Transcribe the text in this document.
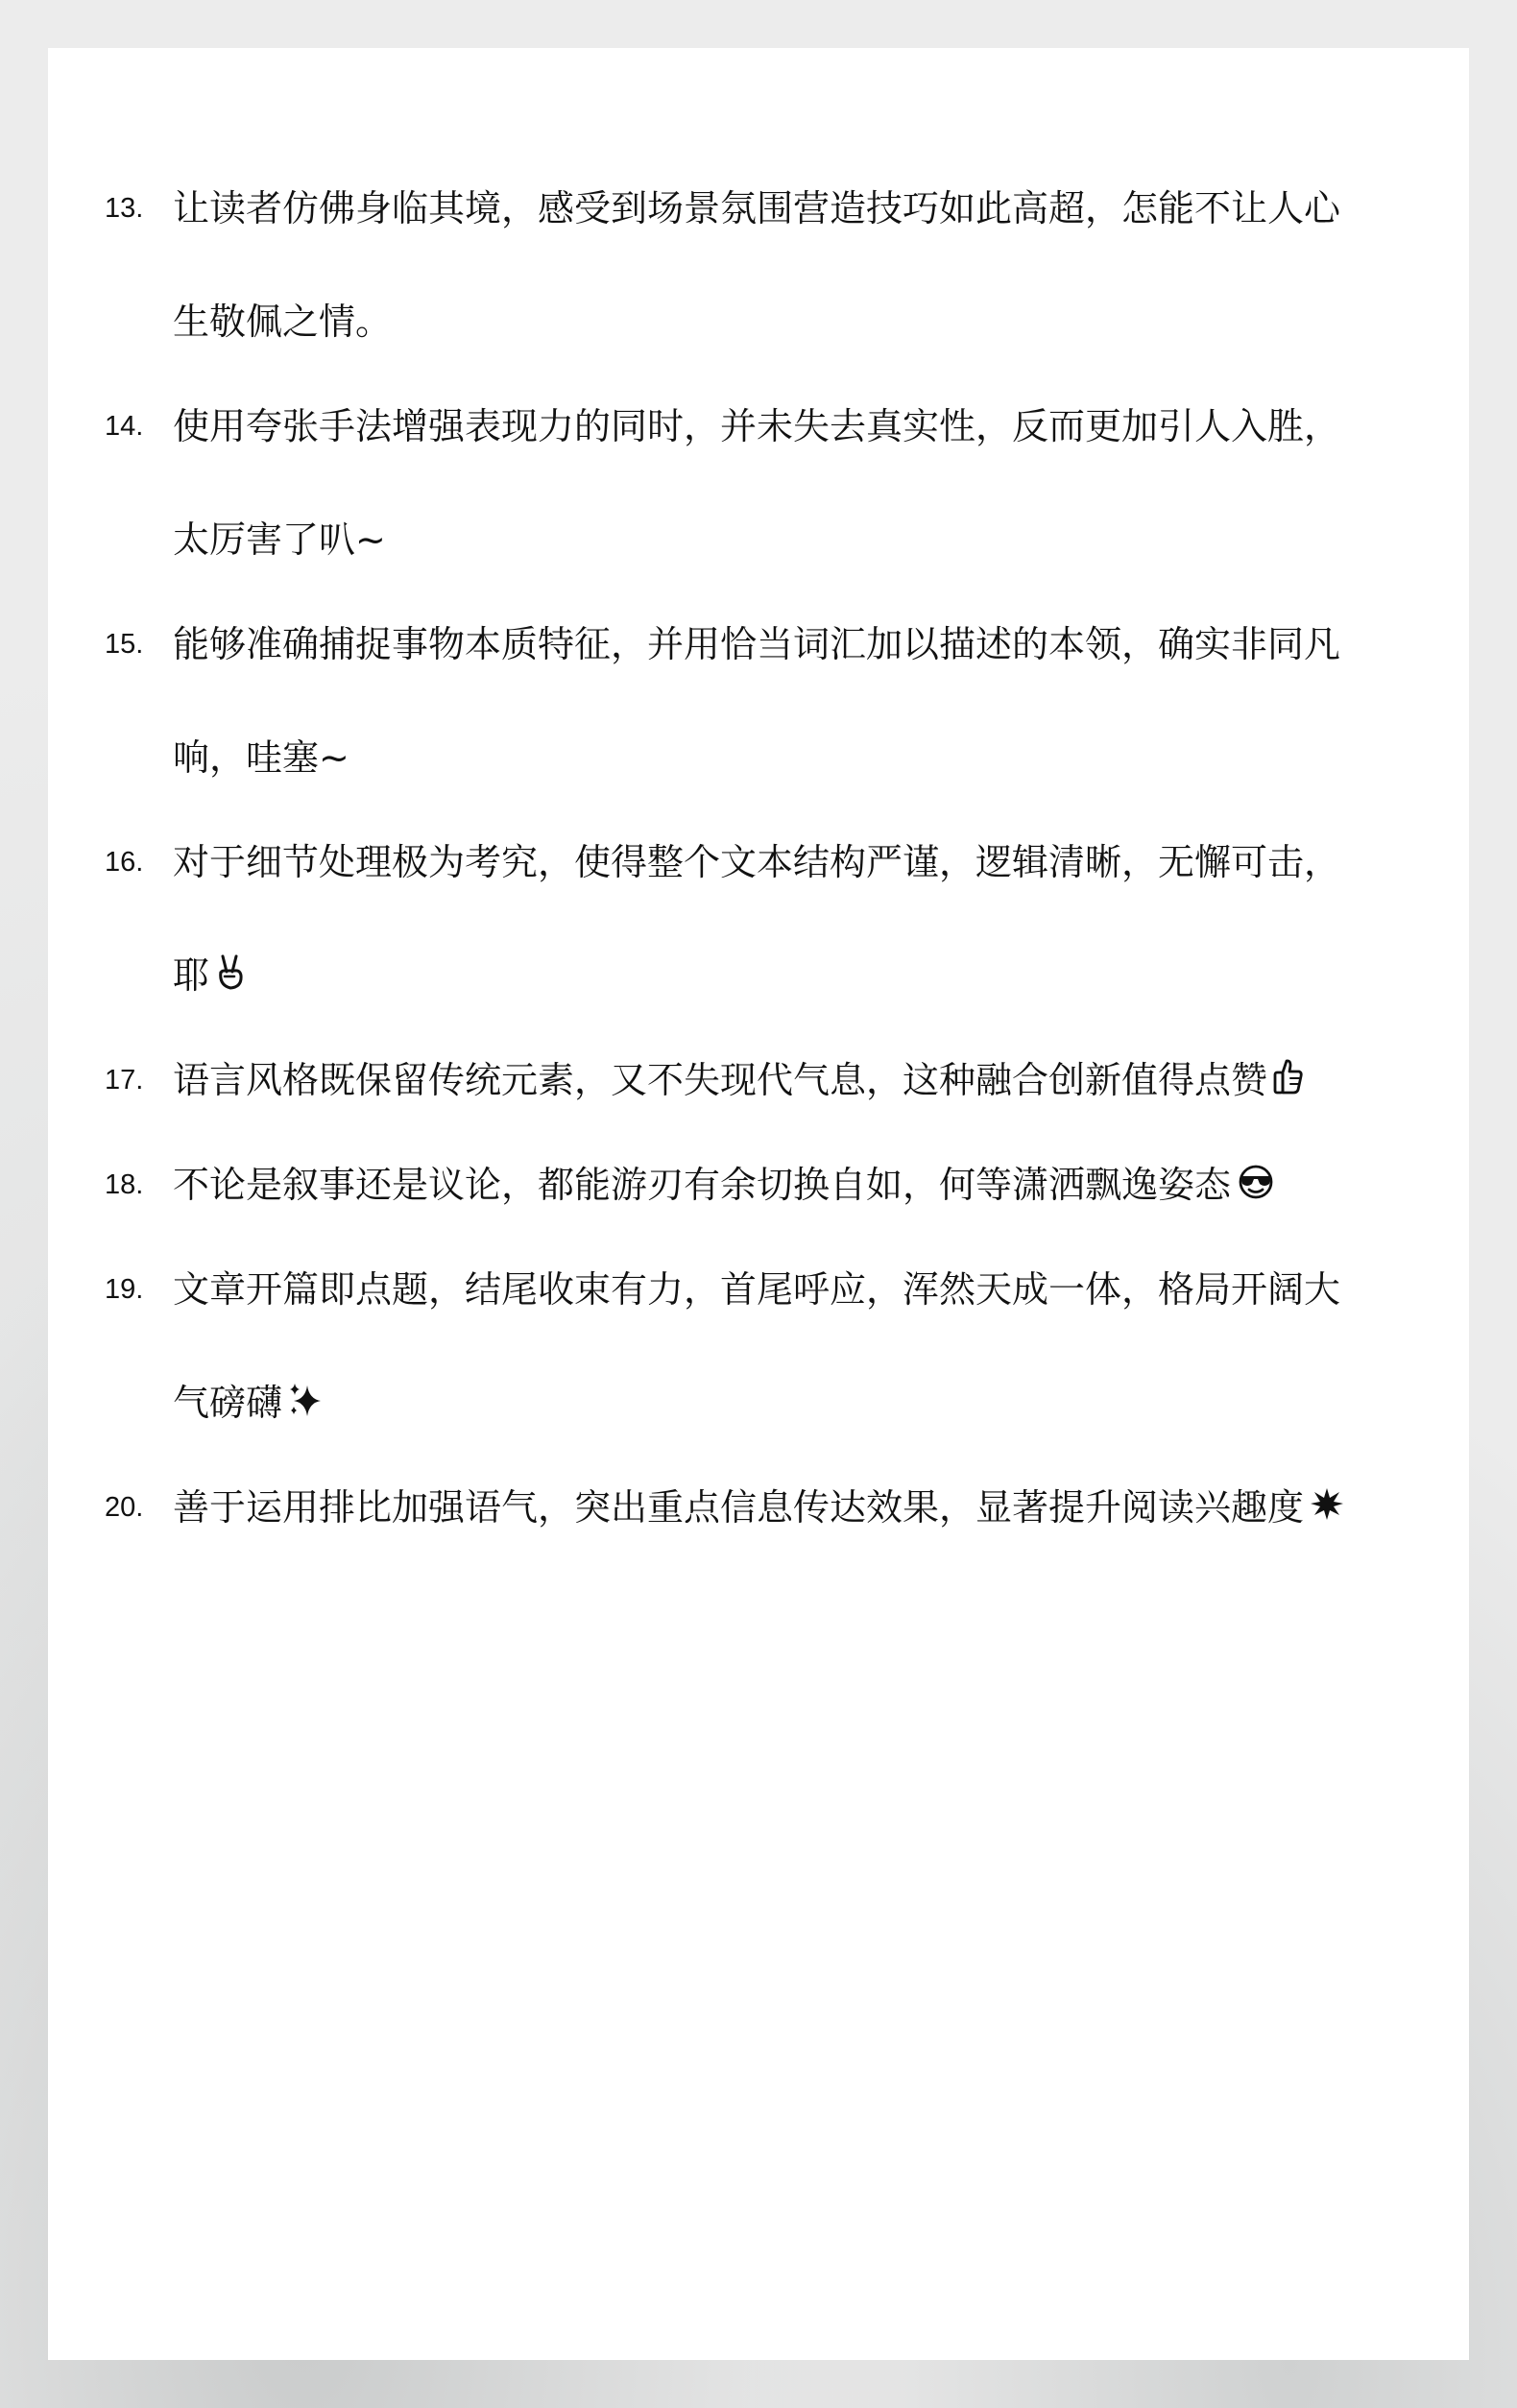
13. 让读者仿佛身临其境，感受到场景氛围营造技巧如此高超，怎能不让人心
生敬佩之情。
14. 使用夸张手法增强表现力的同时，并未失去真实性，反而更加引人入胜，
太厉害了叭~
15. 能够准确捕捉事物本质特征，并用恰当词汇加以描述的本领，确实非同凡
响，哇塞~
16. 对于细节处理极为考究，使得整个文本结构严谨，逻辑清晰，无懈可击，
耶
17. 语言风格既保留传统元素，又不失现代气息，这种融合创新值得点赞
18. 不论是叙事还是议论，都能游刃有余切换自如，何等潇洒飘逸姿态
19. 文章开篇即点题，结尾收束有力，首尾呼应，浑然天成一体，格局开阔大
气磅礴
20. 善于运用排比加强语气，突出重点信息传达效果，显著提升阅读兴趣度
